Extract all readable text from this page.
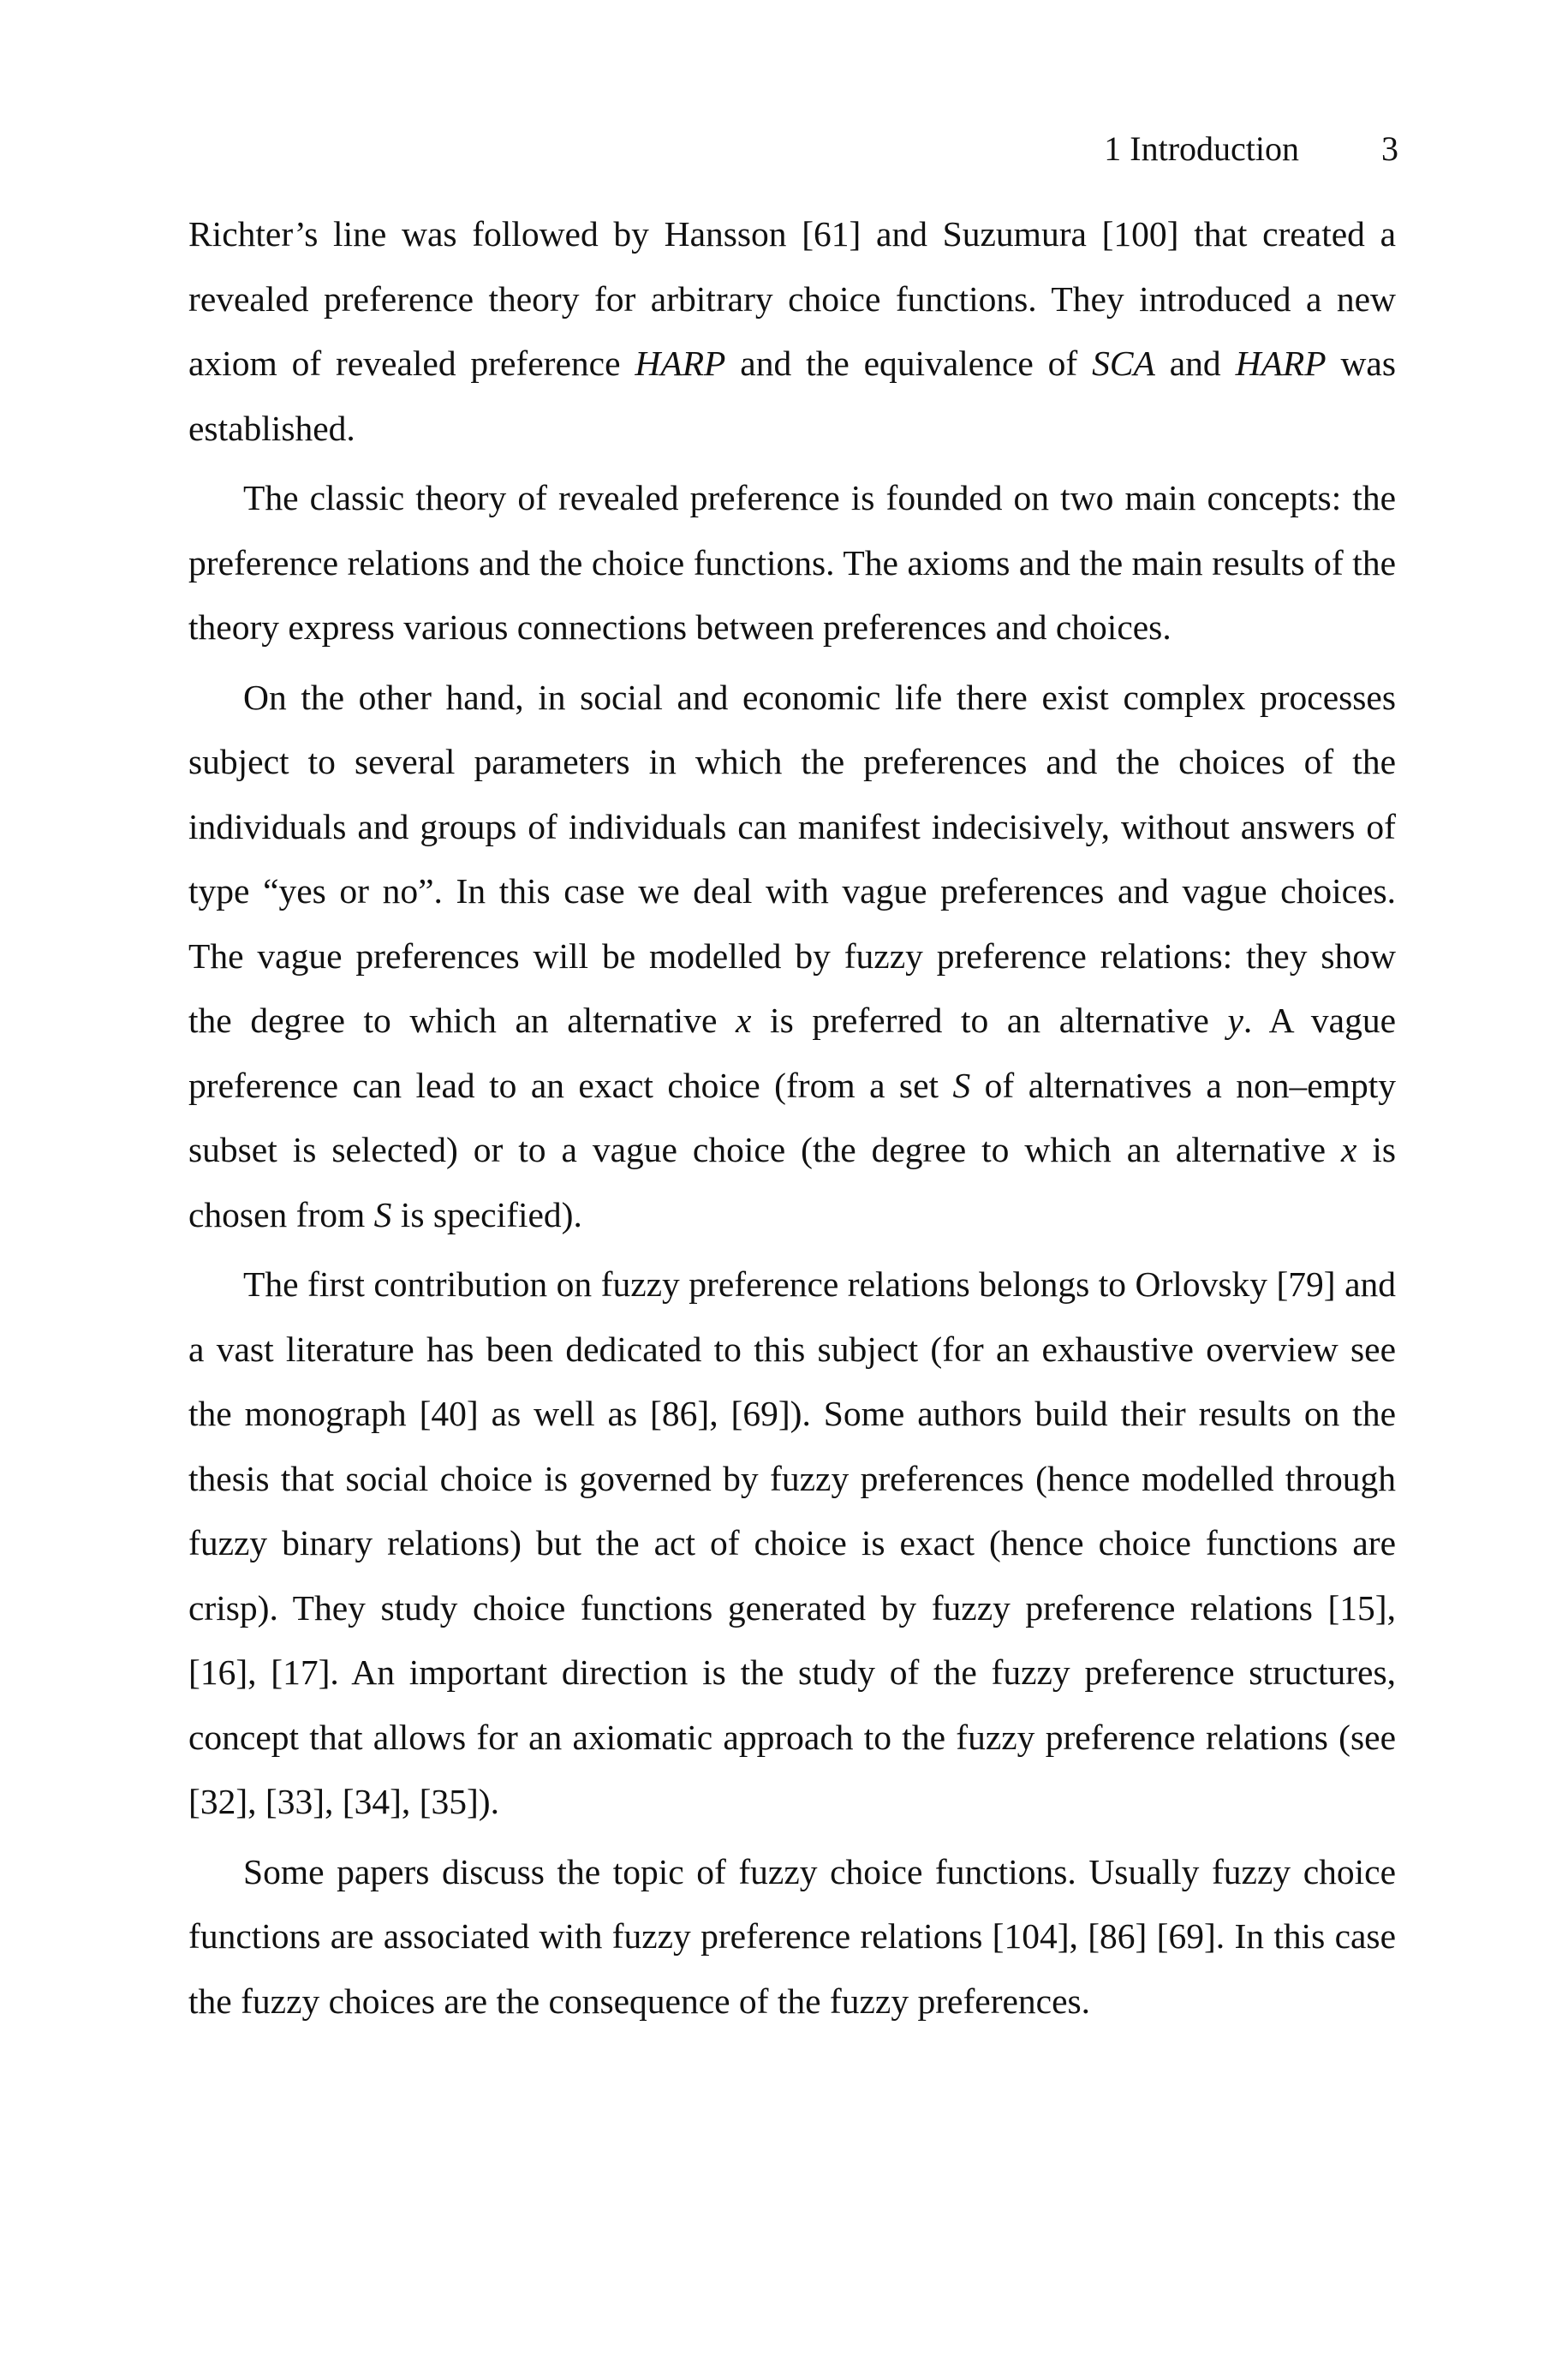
1 Introduction 3

Richter’s line was followed by Hansson [61] and Suzumura [100] that created a revealed preference theory for arbitrary choice functions. They introduced a new axiom of revealed preference HARP and the equivalence of SCA and HARP was established.

The classic theory of revealed preference is founded on two main concepts: the preference relations and the choice functions. The axioms and the main results of the theory express various connections between preferences and choices.

On the other hand, in social and economic life there exist complex processes subject to several parameters in which the preferences and the choices of the individuals and groups of individuals can manifest indecisively, without answers of type “yes or no”. In this case we deal with vague preferences and vague choices. The vague preferences will be modelled by fuzzy preference relations: they show the degree to which an alternative x is preferred to an alternative y. A vague preference can lead to an exact choice (from a set S of alternatives a non–empty subset is selected) or to a vague choice (the degree to which an alternative x is chosen from S is specified).

The first contribution on fuzzy preference relations belongs to Orlovsky [79] and a vast literature has been dedicated to this subject (for an exhaustive overview see the monograph [40] as well as [86], [69]). Some authors build their results on the thesis that social choice is governed by fuzzy preferences (hence modelled through fuzzy binary relations) but the act of choice is exact (hence choice functions are crisp). They study choice functions generated by fuzzy preference relations [15], [16], [17]. An important direction is the study of the fuzzy preference structures, concept that allows for an axiomatic approach to the fuzzy preference relations (see [32], [33], [34], [35]).

Some papers discuss the topic of fuzzy choice functions. Usually fuzzy choice functions are associated with fuzzy preference relations [104], [86] [69]. In this case the fuzzy choices are the consequence of the fuzzy preferences.
